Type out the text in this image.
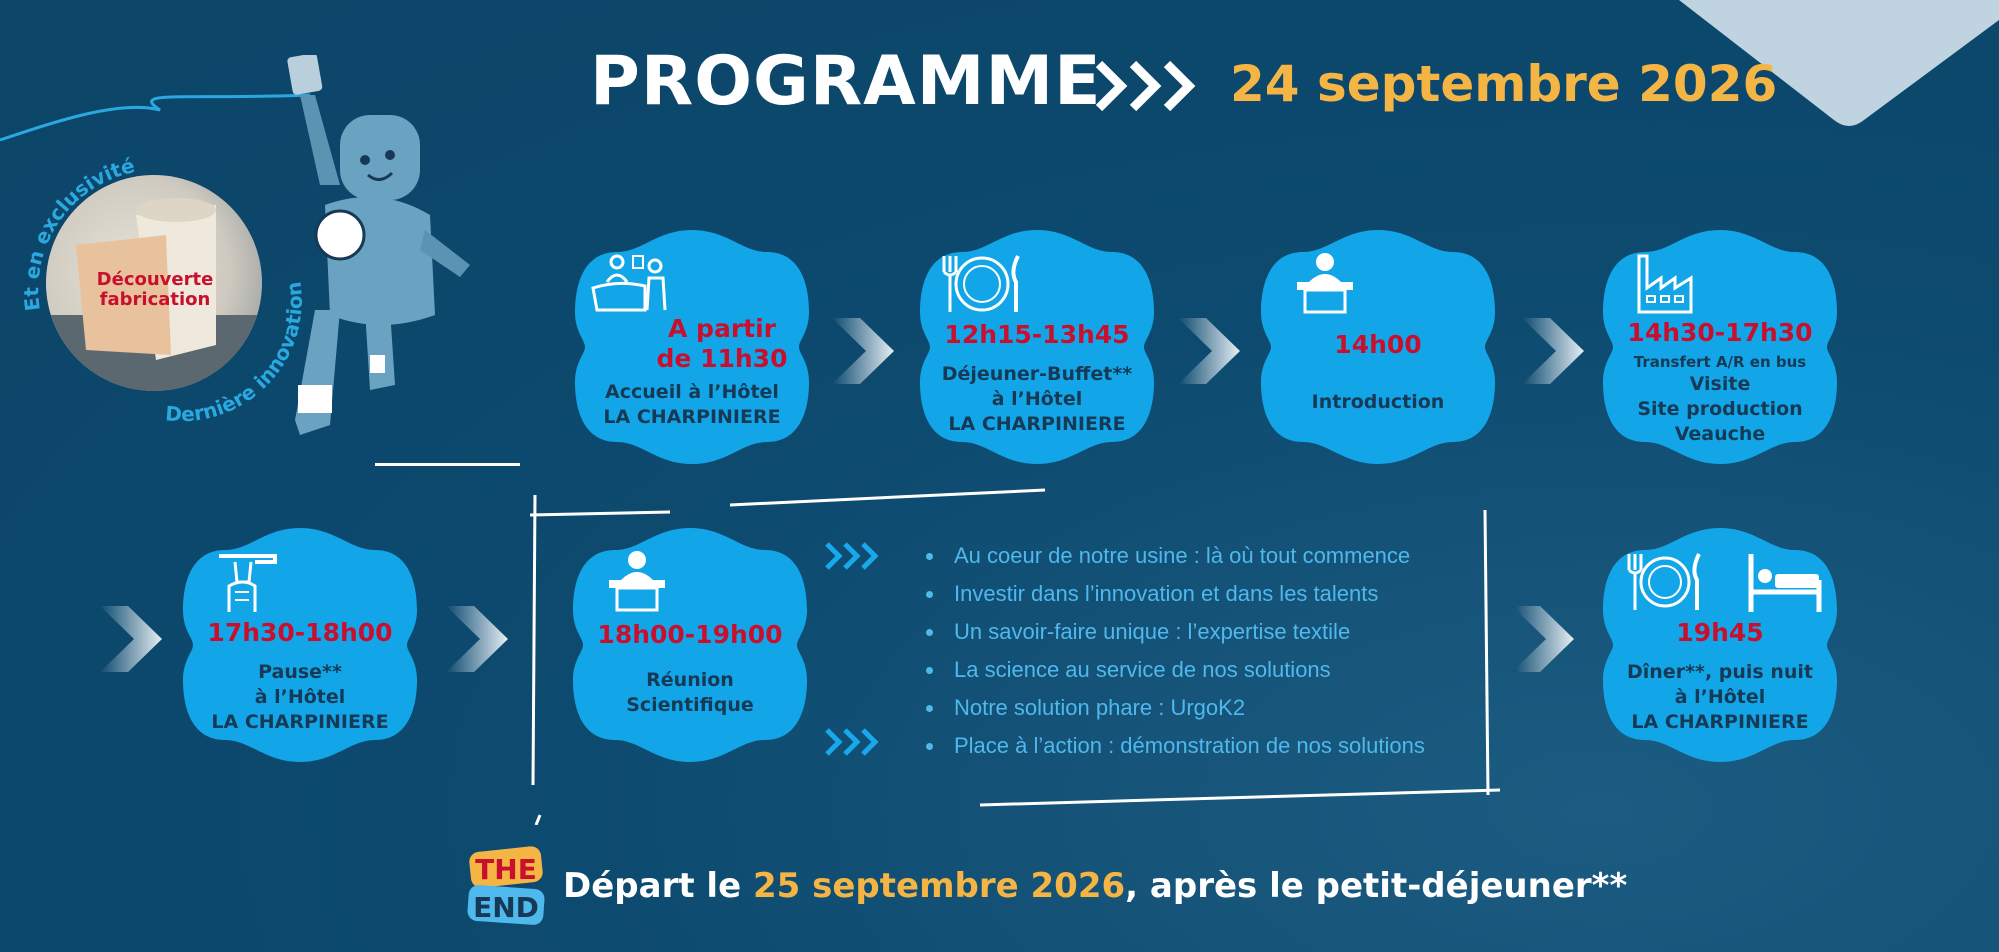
PROGRAMME	24 septembre 2026
Découverte
fabrication
Et en exclusivité
Dernière innovation
A partir
de 11h30
Accueil à l’Hôtel
LA CHARPINIERE
12h15-13h45
Déjeuner-Buffet**
à l’Hôtel
LA CHARPINIERE
14h00
Introduction
14h30-17h30
Transfert A/R en bus
Visite
Site production
Veauche
17h30-18h00
Pause**
à l’Hôtel
LA CHARPINIERE
18h00-19h00
Réunion
Scientifique
19h45
Dîner**, puis nuit
à l’Hôtel
LA CHARPINIERE
Au coeur de notre usine : là où tout commence
Investir dans l’innovation et dans les talents
Un savoir-faire unique : l’expertise textile
La science au service de nos solutions
Notre solution phare : UrgoK2
Place à l’action : démonstration de nos solutions
THE
END
Départ le 25 septembre 2026, après le petit-déjeuner**
